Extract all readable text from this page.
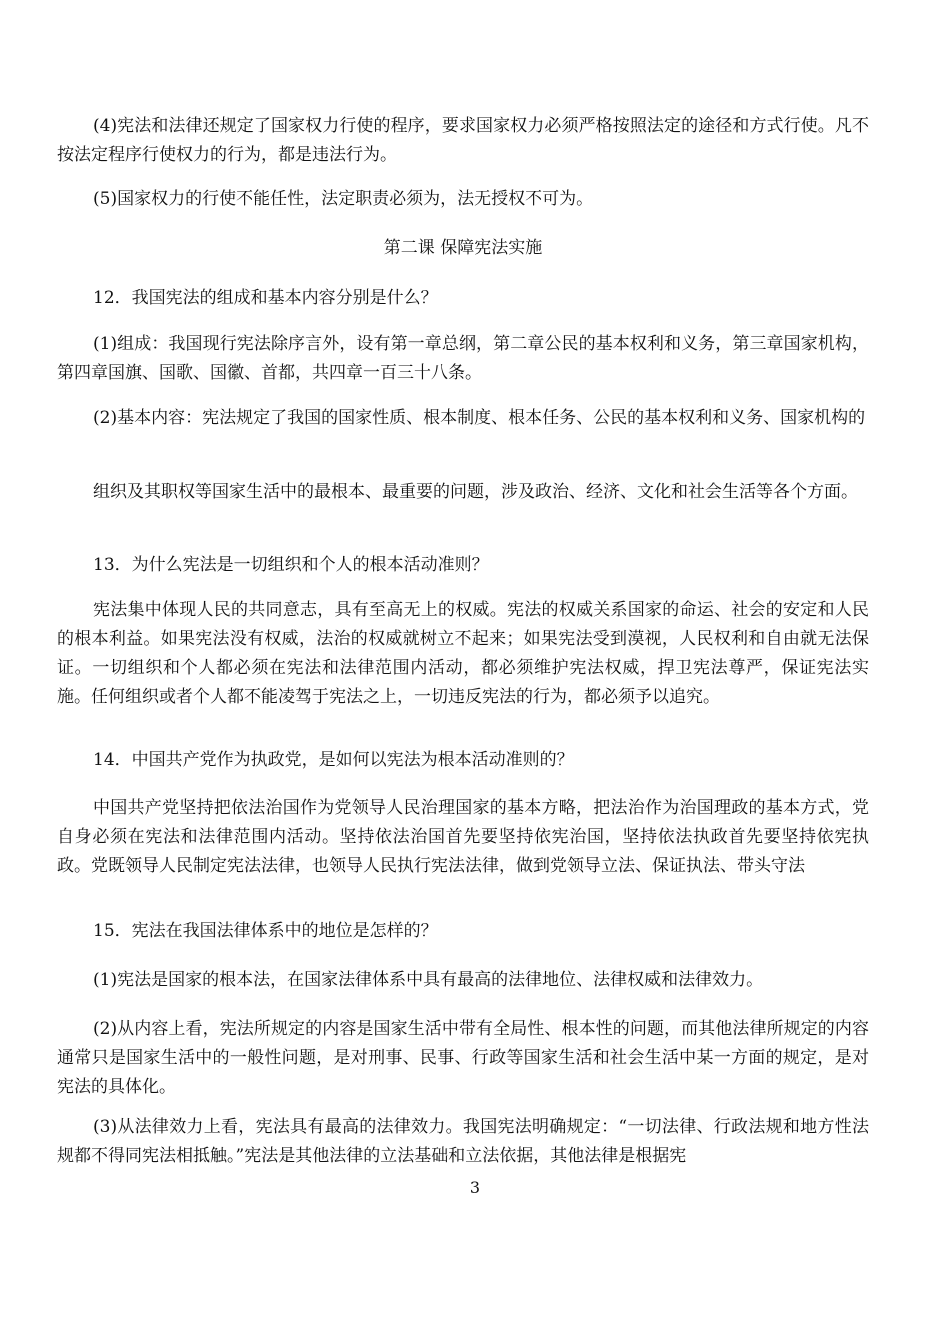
(4)宪法和法律还规定了国家权力行使的程序，要求国家权力必须严格按照法定的途径和方式行使。凡不按法定程序行使权力的行为，都是违法行为。

(5)国家权力的行使不能任性，法定职责必须为，法无授权不可为。

第二课 保障宪法实施

12．我国宪法的组成和基本内容分别是什么？

(1)组成：我国现行宪法除序言外，设有第一章总纲，第二章公民的基本权利和义务，第三章国家机构，第四章国旗、国歌、国徽、首都，共四章一百三十八条。

(2)基本内容：宪法规定了我国的国家性质、根本制度、根本任务、公民的基本权利和义务、国家机构的

组织及其职权等国家生活中的最根本、最重要的问题，涉及政治、经济、文化和社会生活等各个方面。

13．为什么宪法是一切组织和个人的根本活动准则？

宪法集中体现人民的共同意志，具有至高无上的权威。宪法的权威关系国家的命运、社会的安定和人民的根本利益。如果宪法没有权威，法治的权威就树立不起来；如果宪法受到漠视，人民权利和自由就无法保证。一切组织和个人都必须在宪法和法律范围内活动，都必须维护宪法权威，捍卫宪法尊严，保证宪法实施。任何组织或者个人都不能凌驾于宪法之上，一切违反宪法的行为，都必须予以追究。

14．中国共产党作为执政党，是如何以宪法为根本活动准则的？

中国共产党坚持把依法治国作为党领导人民治理国家的基本方略，把法治作为治国理政的基本方式，党自身必须在宪法和法律范围内活动。坚持依法治国首先要坚持依宪治国，坚持依法执政首先要坚持依宪执政。党既领导人民制定宪法法律，也领导人民执行宪法法律，做到党领导立法、保证执法、带头守法

15．宪法在我国法律体系中的地位是怎样的？

(1)宪法是国家的根本法，在国家法律体系中具有最高的法律地位、法律权威和法律效力。

(2)从内容上看，宪法所规定的内容是国家生活中带有全局性、根本性的问题，而其他法律所规定的内容通常只是国家生活中的一般性问题，是对刑事、民事、行政等国家生活和社会生活中某一方面的规定，是对宪法的具体化。

(3)从法律效力上看，宪法具有最高的法律效力。我国宪法明确规定：“一切法律、行政法规和地方性法规都不得同宪法相抵触。”宪法是其他法律的立法基础和立法依据，其他法律是根据宪

3
